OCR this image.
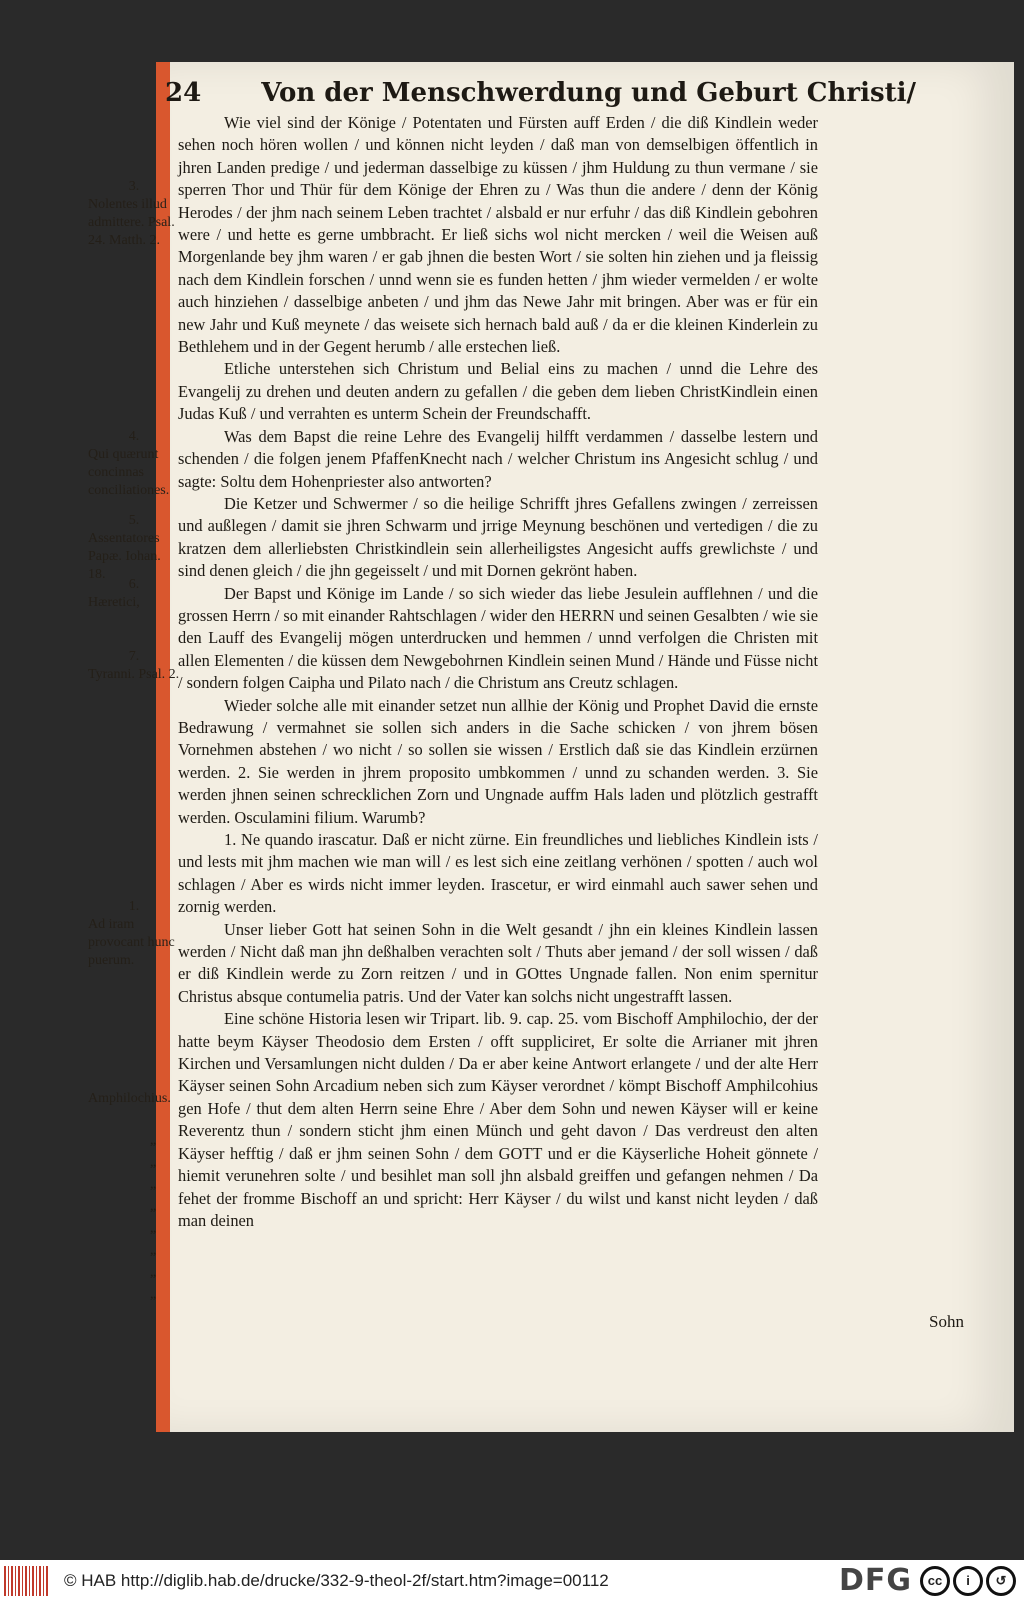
24 Von der Menschwerdung und Geburt Christi/
3.
Nolentes illud admittere. Psal. 24. Matth. 2.
4.
Qui quærunt concinnas conciliationes.
5.
Assentatores Papæ. Iohan. 18.
6.
Hæretici,
7.
Tyranni. Psal. 2.
1.
Ad iram provocant hunc puerum.
Amphilochius.
„
„
„
„
„
„
„
„

Wie viel sind der Könige / Potentaten und Fürsten auff Erden / die diß Kindlein weder sehen noch hören wollen / und können nicht leyden / daß man von demselbigen öffentlich in jhren Landen predige / und jederman dasselbige zu küssen / jhm Huldung zu thun vermane / sie sperren Thor und Thür für dem Könige der Ehren zu / Was thun die andere / denn der König Herodes / der jhm nach seinem Leben trachtet / alsbald er nur erfuhr / das diß Kindlein gebohren were / und hette es gerne umbbracht. Er ließ sichs wol nicht mercken / weil die Weisen auß Morgenlande bey jhm waren / er gab jhnen die besten Wort / sie solten hin ziehen und ja fleissig nach dem Kindlein forschen / unnd wenn sie es funden hetten / jhm wieder vermelden / er wolte auch hinziehen / dasselbige anbeten / und jhm das Newe Jahr mit bringen. Aber was er für ein new Jahr und Kuß meynete / das weisete sich hernach bald auß / da er die kleinen Kinderlein zu Bethlehem und in der Gegent herumb / alle erstechen ließ.

Etliche unterstehen sich Christum und Belial eins zu machen / unnd die Lehre des Evangelij zu drehen und deuten andern zu gefallen / die geben dem lieben ChristKindlein einen Judas Kuß / und verrahten es unterm Schein der Freundschafft.

Was dem Bapst die reine Lehre des Evangelij hilfft verdammen / dasselbe lestern und schenden / die folgen jenem PfaffenKnecht nach / welcher Christum ins Angesicht schlug / und sagte: Soltu dem Hohenpriester also antworten?

Die Ketzer und Schwermer / so die heilige Schrifft jhres Gefallens zwingen / zerreissen und außlegen / damit sie jhren Schwarm und jrrige Meynung beschönen und vertedigen / die zu kratzen dem allerliebsten Christkindlein sein allerheiligstes Angesicht auffs grewlichste / und sind denen gleich / die jhn gegeisselt / und mit Dornen gekrönt haben.

Der Bapst und Könige im Lande / so sich wieder das liebe Jesulein aufflehnen / und die grossen Herrn / so mit einander Rahtschlagen / wider den HERRN und seinen Gesalbten / wie sie den Lauff des Evangelij mögen unterdrucken und hemmen / unnd verfolgen die Christen mit allen Elementen / die küssen dem Newgebohrnen Kindlein seinen Mund / Hände und Füsse nicht / sondern folgen Caipha und Pilato nach / die Christum ans Creutz schlagen.

Wieder solche alle mit einander setzet nun allhie der König und Prophet David die ernste Bedrawung / vermahnet sie sollen sich anders in die Sache schicken / von jhrem bösen Vornehmen abstehen / wo nicht / so sollen sie wissen / Erstlich daß sie das Kindlein erzürnen werden. 2. Sie werden in jhrem proposito umbkommen / unnd zu schanden werden. 3. Sie werden jhnen seinen schrecklichen Zorn und Ungnade auffm Hals laden und plötzlich gestrafft werden. Osculamini filium. Warumb?

1. Ne quando irascatur. Daß er nicht zürne. Ein freundliches und liebliches Kindlein ists / und lests mit jhm machen wie man will / es lest sich eine zeitlang verhönen / spotten / auch wol schlagen / Aber es wirds nicht immer leyden. Irascetur, er wird einmahl auch sawer sehen und zornig werden.

Unser lieber Gott hat seinen Sohn in die Welt gesandt / jhn ein kleines Kindlein lassen werden / Nicht daß man jhn deßhalben verachten solt / Thuts aber jemand / der soll wissen / daß er diß Kindlein werde zu Zorn reitzen / und in GOttes Ungnade fallen. Non enim spernitur Christus absque contumelia patris. Und der Vater kan solchs nicht ungestrafft lassen.

Eine schöne Historia lesen wir Tripart. lib. 9. cap. 25. vom Bischoff Amphilochio, der der hatte beym Käyser Theodosio dem Ersten / offt suppliciret, Er solte die Arrianer mit jhren Kirchen und Versamlungen nicht dulden / Da er aber keine Antwort erlangete / und der alte Herr Käyser seinen Sohn Arcadium neben sich zum Käyser verordnet / kömpt Bischoff Amphilcohius gen Hofe / thut dem alten Herrn seine Ehre / Aber dem Sohn und newen Käyser will er keine Reverentz thun / sondern sticht jhm einen Münch und geht davon / Das verdreust den alten Käyser hefftig / daß er jhm seinen Sohn / dem GOTT und er die Käyserliche Hoheit gönnete / hiemit verunehren solte / und besihlet man soll jhn alsbald greiffen und gefangen nehmen / Da fehet der fromme Bischoff an und spricht: Herr Käyser / du wilst und kanst nicht leyden / daß man deinen

Sohn
© HAB http://diglib.hab.de/drucke/332-9-theol-2f/start.htm?image=00112	DFG	cc	i	↺
